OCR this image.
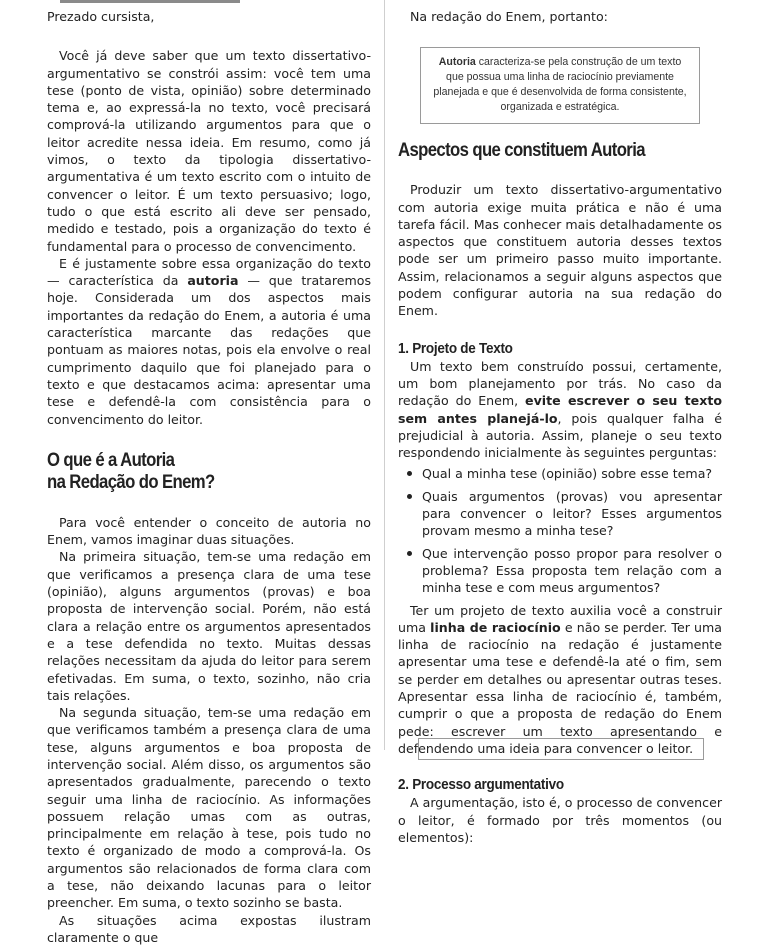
Prezado cursista,

Você já deve saber que um texto dissertativo-argumentativo se constrói assim: você tem uma tese (ponto de vista, opinião) sobre determinado tema e, ao expressá-la no texto, você precisará comprová-la utilizando argumentos para que o leitor acredite nessa ideia. Em resumo, como já vimos, o texto da tipologia dissertativo-argumentativa é um texto escrito com o intuito de convencer o leitor. É um texto persuasivo; logo, tudo o que está escrito ali deve ser pensado, medido e testado, pois a organização do texto é fundamental para o processo de convencimento.

E é justamente sobre essa organização do texto — característica da autoria — que trataremos hoje. Considerada um dos aspectos mais importantes da redação do Enem, a autoria é uma característica marcante das redações que pontuam as maiores notas, pois ela envolve o real cumprimento daquilo que foi planejado para o texto e que destacamos acima: apresentar uma tese e defendê-la com consistência para o convencimento do leitor.

O que é a Autoria
na Redação do Enem?

Para você entender o conceito de autoria no Enem, vamos imaginar duas situações.

Na primeira situação, tem-se uma redação em que verificamos a presença clara de uma tese (opinião), alguns argumentos (provas) e boa proposta de intervenção social. Porém, não está clara a relação entre os argumentos apresentados e a tese defendida no texto. Muitas dessas relações necessitam da ajuda do leitor para serem efetivadas. Em suma, o texto, sozinho, não cria tais relações.

Na segunda situação, tem-se uma redação em que verificamos também a presença clara de uma tese, alguns argumentos e boa proposta de intervenção social. Além disso, os argumentos são apresentados gradualmente, parecendo o texto seguir uma linha de raciocínio. As informações possuem relação umas com as outras, principalmente em relação à tese, pois tudo no texto é organizado de modo a comprová-la. Os argumentos são relacionados de forma clara com a tese, não deixando lacunas para o leitor preencher. Em suma, o texto sozinho se basta.

As situações acima expostas ilustram claramente o que

Na redação do Enem, portanto:

Autoria caracteriza-se pela construção de um texto que possua uma linha de raciocínio previamente planejada e que é desenvolvida de forma consistente, organizada e estratégica.
Aspectos que constituem Autoria

Produzir um texto dissertativo-argumentativo com autoria exige muita prática e não é uma tarefa fácil. Mas conhecer mais detalhadamente os aspectos que constituem autoria desses textos pode ser um primeiro passo muito importante. Assim, relacionamos a seguir alguns aspectos que podem configurar autoria na sua redação do Enem.

1. Projeto de Texto

Um texto bem construído possui, certamente, um bom planejamento por trás. No caso da redação do Enem, evite escrever o seu texto sem antes planejá-lo, pois qualquer falha é prejudicial à autoria. Assim, planeje o seu texto respondendo inicialmente às seguintes perguntas:

Qual a minha tese (opinião) sobre esse tema?
Quais argumentos (provas) vou apresentar para convencer o leitor? Esses argumentos provam mesmo a minha tese?
Que intervenção posso propor para resolver o problema? Essa proposta tem relação com a minha tese e com meus argumentos?

Ter um projeto de texto auxilia você a construir uma linha de raciocínio e não se perder. Ter uma linha de raciocínio na redação é justamente apresentar uma tese e defendê-la até o fim, sem se perder em detalhes ou apresentar outras teses. Apresentar essa linha de raciocínio é, também, cumprir o que a proposta de redação do Enem pede: escrever um texto apresentando e defendendo uma ideia para convencer o leitor.

2. Processo argumentativo

A argumentação, isto é, o processo de convencer o leitor, é formado por três momentos (ou elementos):
